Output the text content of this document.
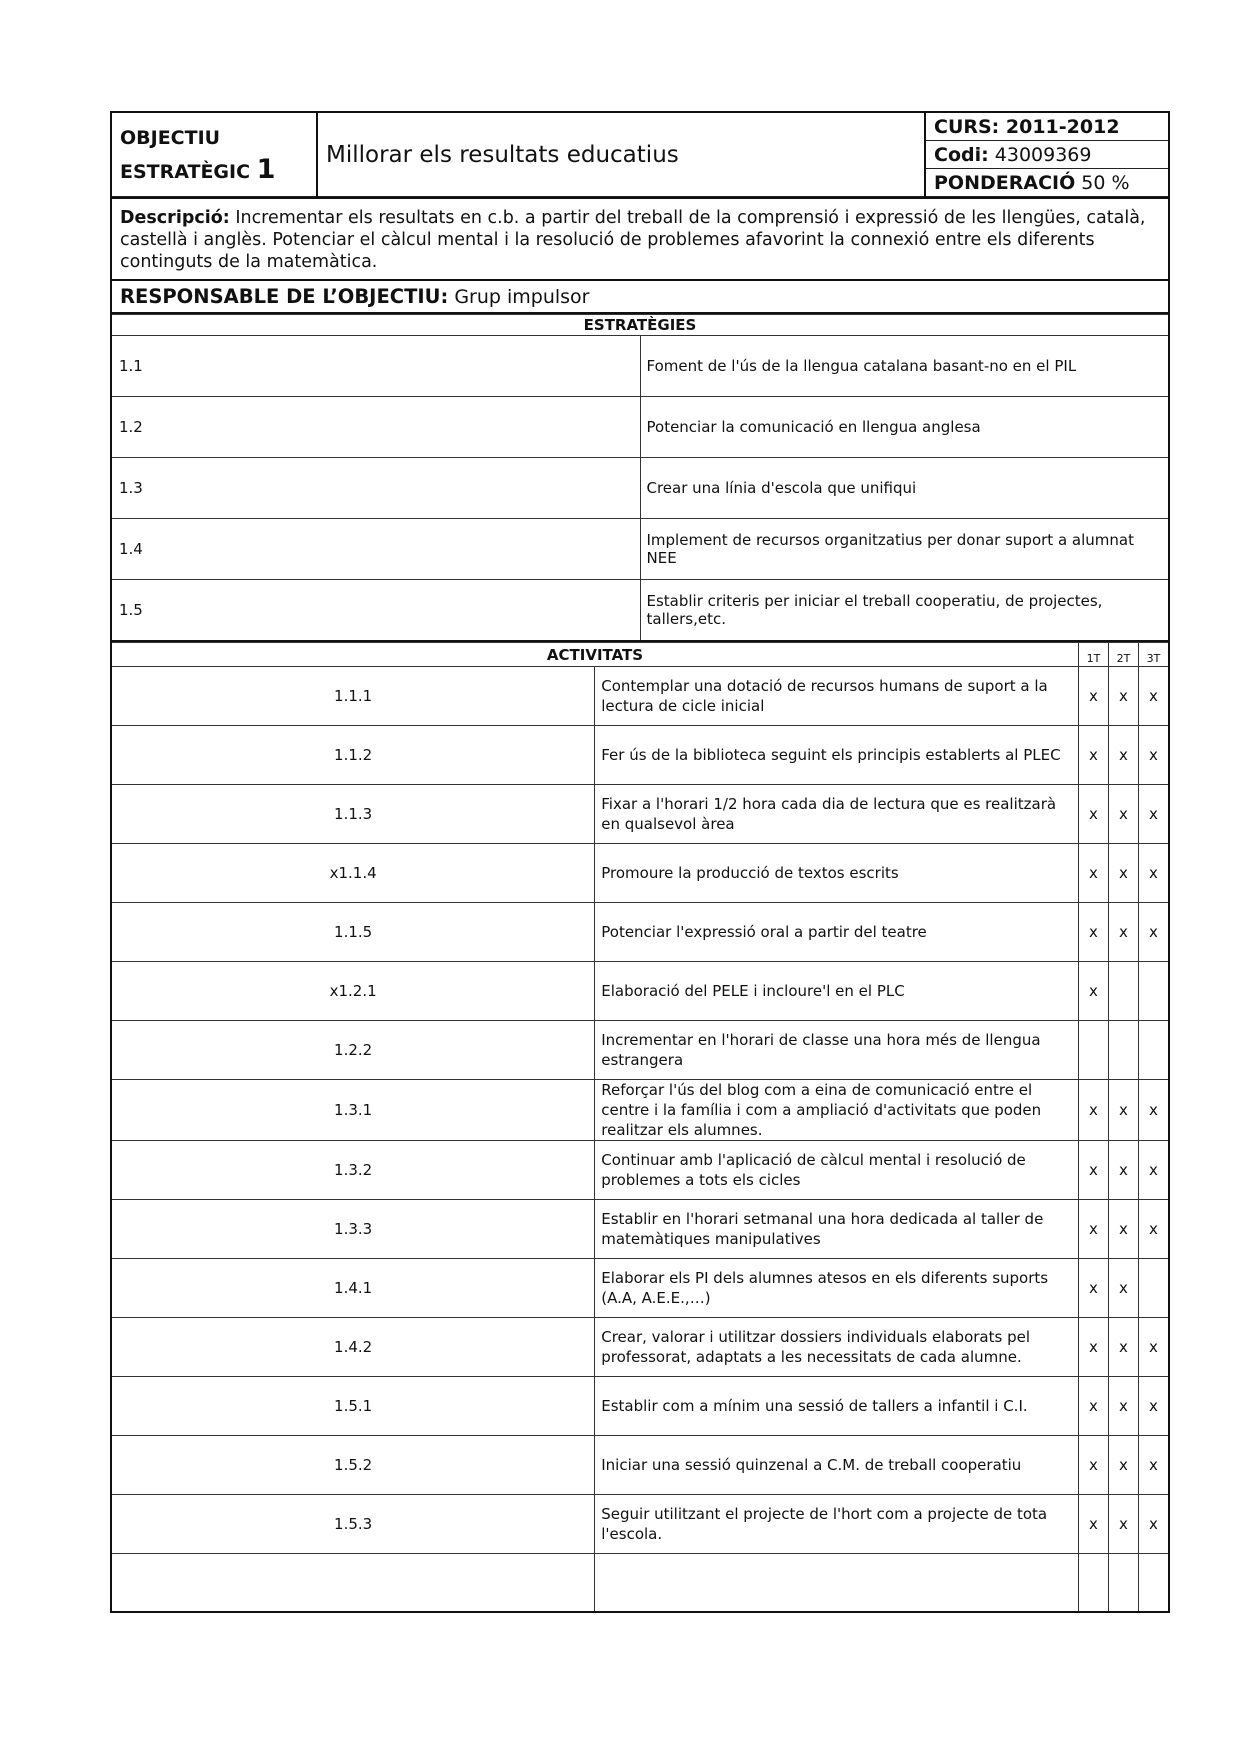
OBJECTIU
ESTRATÈGIC 1	Millorar els resultats educatius	CURS: 2011-2012
Codi: 43009369
PONDERACIÓ 50 %
Descripció: Incrementar els resultats en c.b. a partir del treball de la comprensió i expressió de les llengües, català, castellà i anglès. Potenciar el càlcul mental i la resolució de problemes afavorint la connexió entre els diferents continguts de la matemàtica.
RESPONSABLE DE L’OBJECTIU: Grup impulsor
ESTRATÈGIES	
1.1	Foment de l'ús de la llengua catalana basant-no en el PIL
1.2	Potenciar la comunicació en llengua anglesa
1.3	Crear una línia d'escola que unifiqui
1.4	Implement de recursos organitzatius per donar suport a alumnat NEE
1.5	Establir criteris per iniciar el treball cooperatiu, de projectes, tallers,etc.
ACTIVITATS		1T	2T	3T
1.1.1	Contemplar una dotació de recursos humans de suport a la lectura de cicle inicial	x	x	x
1.1.2	Fer ús de la biblioteca seguint els principis establerts al PLEC	x	x	x
1.1.3	Fixar a l'horari 1/2 hora cada dia de lectura que es realitzarà en qualsevol àrea	x	x	x
x1.1.4	Promoure la producció de textos escrits	x	x	x
1.1.5	Potenciar l'expressió oral a partir del teatre	x	x	x
x1.2.1	Elaboració del PELE i incloure'l en el PLC	x		
1.2.2	Incrementar en l'horari de classe una hora més de llengua estrangera			
1.3.1	Reforçar l'ús del blog com a eina de comunicació entre el centre i la família i com a ampliació d'activitats que poden realitzar els alumnes.	x	x	x
1.3.2	Continuar amb l'aplicació de càlcul mental i resolució de problemes a tots els cicles	x	x	x
1.3.3	Establir en l'horari setmanal una hora dedicada al taller de matemàtiques manipulatives	x	x	x
1.4.1	Elaborar els PI dels alumnes atesos en els diferents suports (A.A, A.E.E.,…)	x	x	
1.4.2	Crear, valorar i utilitzar dossiers individuals elaborats pel professorat, adaptats a les necessitats de cada alumne.	x	x	x
1.5.1	Establir com a mínim una sessió de tallers a infantil i C.I.	x	x	x
1.5.2	Iniciar una sessió quinzenal a C.M. de treball cooperatiu	x	x	x
1.5.3	Seguir utilitzant el projecte de l'hort com a projecte de tota l'escola.	x	x	x
